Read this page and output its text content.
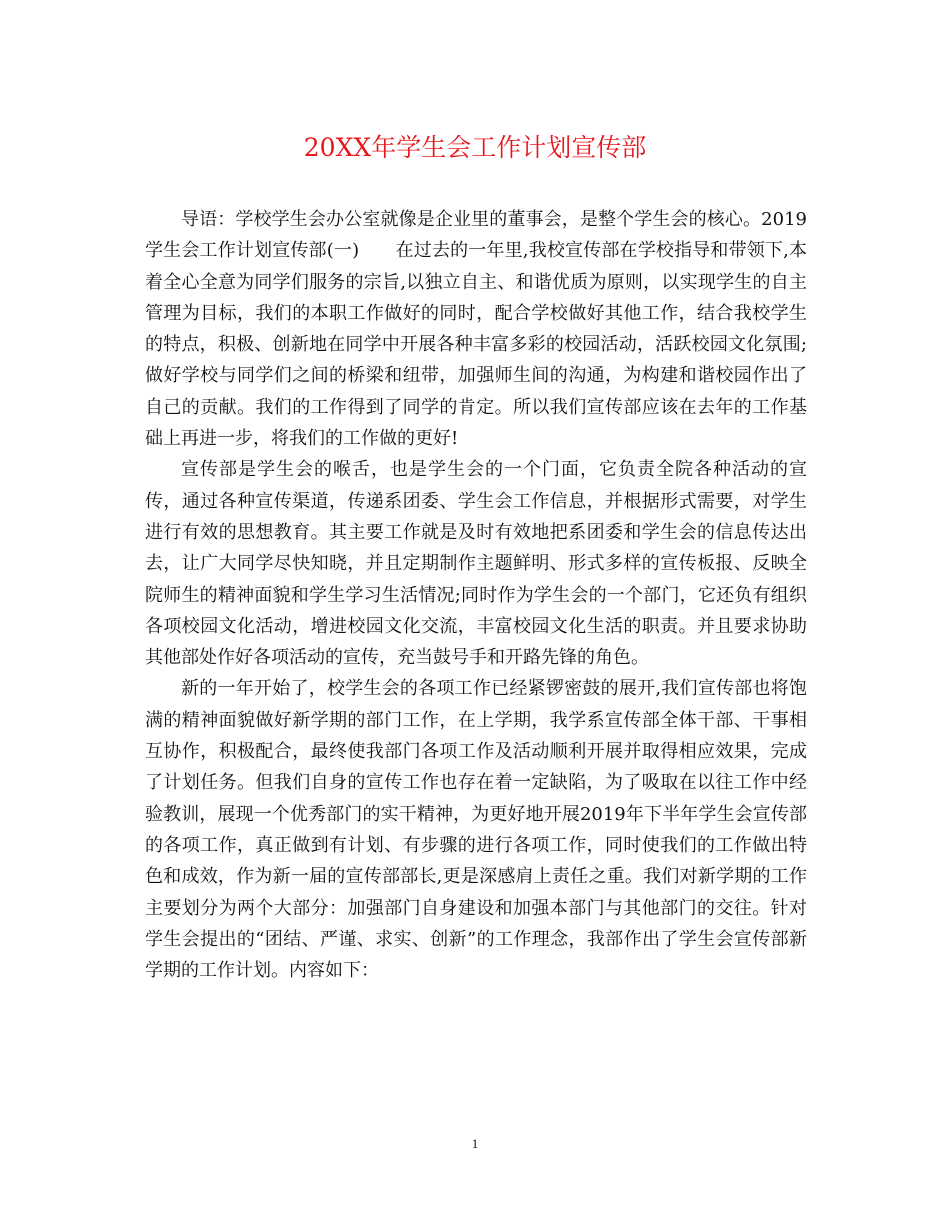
20XX年学生会工作计划宣传部

导语：学校学生会办公室就像是企业里的董事会，是整个学生会的核心。2019学生会工作计划宣传部(一)　　在过去的一年里,我校宣传部在学校指导和带领下,本着全心全意为同学们服务的宗旨,以独立自主、和谐优质为原则，以实现学生的自主管理为目标，我们的本职工作做好的同时，配合学校做好其他工作，结合我校学生的特点，积极、创新地在同学中开展各种丰富多彩的校园活动，活跃校园文化氛围;做好学校与同学们之间的桥梁和纽带，加强师生间的沟通，为构建和谐校园作出了自己的贡献。我们的工作得到了同学的肯定。所以我们宣传部应该在去年的工作基础上再进一步，将我们的工作做的更好!

宣传部是学生会的喉舌，也是学生会的一个门面，它负责全院各种活动的宣传，通过各种宣传渠道，传递系团委、学生会工作信息，并根据形式需要，对学生进行有效的思想教育。其主要工作就是及时有效地把系团委和学生会的信息传达出去，让广大同学尽快知晓，并且定期制作主题鲜明、形式多样的宣传板报、反映全院师生的精神面貌和学生学习生活情况;同时作为学生会的一个部门，它还负有组织各项校园文化活动，增进校园文化交流，丰富校园文化生活的职责。并且要求协助其他部处作好各项活动的宣传，充当鼓号手和开路先锋的角色。

新的一年开始了，校学生会的各项工作已经紧锣密鼓的展开,我们宣传部也将饱满的精神面貌做好新学期的部门工作，在上学期，我学系宣传部全体干部、干事相互协作，积极配合，最终使我部门各项工作及活动顺利开展并取得相应效果，完成了计划任务。但我们自身的宣传工作也存在着一定缺陷，为了吸取在以往工作中经验教训，展现一个优秀部门的实干精神，为更好地开展2019年下半年学生会宣传部的各项工作，真正做到有计划、有步骤的进行各项工作，同时使我们的工作做出特色和成效，作为新一届的宣传部部长,更是深感肩上责任之重。我们对新学期的工作主要划分为两个大部分：加强部门自身建设和加强本部门与其他部门的交往。针对学生会提出的“团结、严谨、求实、创新”的工作理念，我部作出了学生会宣传部新学期的工作计划。内容如下：

1
